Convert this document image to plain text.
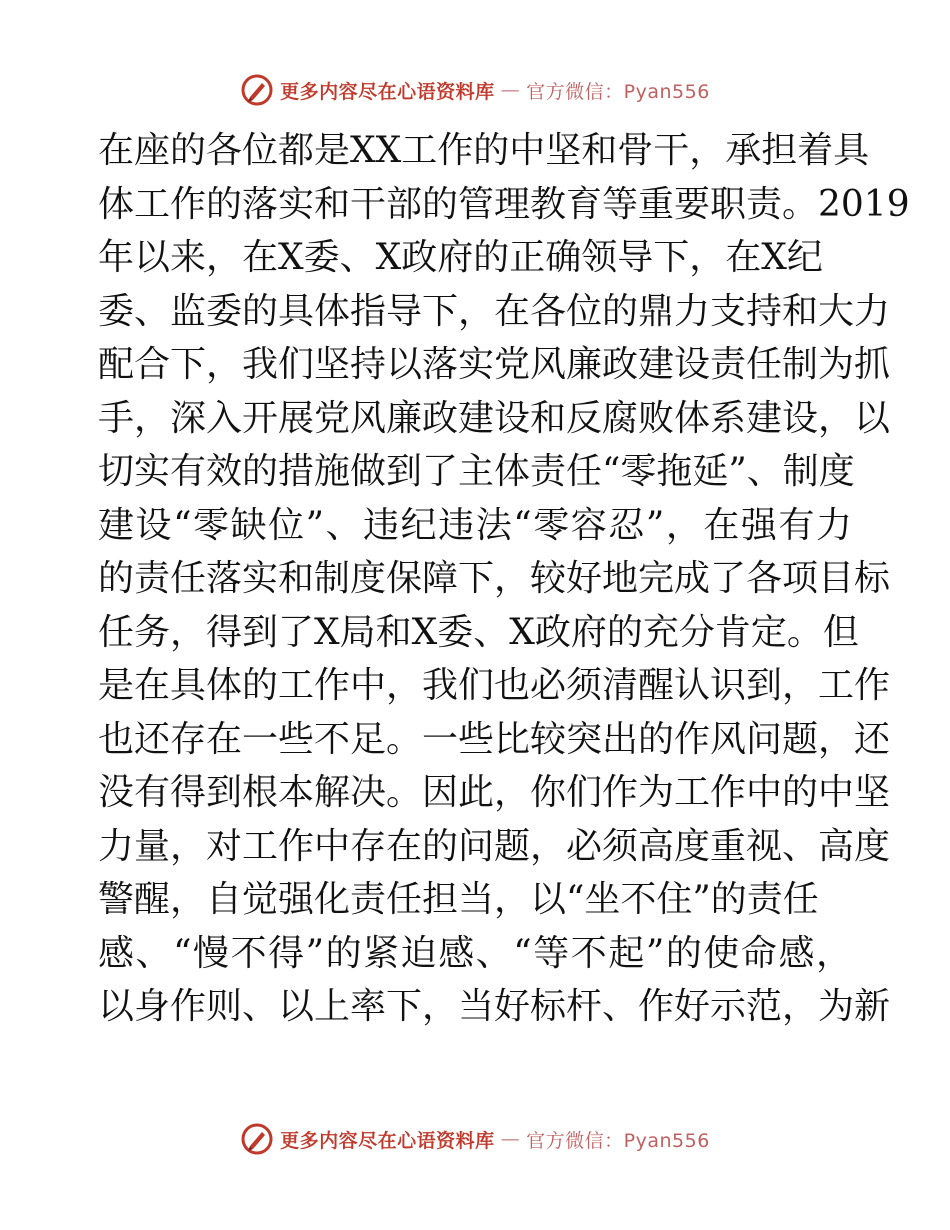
更多内容尽在心语资料库 — 官方微信：Pyan556
在座的各位都是XX工作的中坚和骨干，承担着具
体工作的落实和干部的管理教育等重要职责。2019
年以来，在X委、X政府的正确领导下，在X纪
委、监委的具体指导下，在各位的鼎力支持和大力
配合下，我们坚持以落实党风廉政建设责任制为抓
手，深入开展党风廉政建设和反腐败体系建设，以
切实有效的措施做到了主体责任“零拖延”、制度
建设“零缺位”、违纪违法“零容忍”，在强有力
的责任落实和制度保障下，较好地完成了各项目标
任务，得到了X局和X委、X政府的充分肯定。但
是在具体的工作中，我们也必须清醒认识到，工作
也还存在一些不足。一些比较突出的作风问题，还
没有得到根本解决。因此，你们作为工作中的中坚
力量，对工作中存在的问题，必须高度重视、高度
警醒，自觉强化责任担当，以“坐不住”的责任
感、“慢不得”的紧迫感、“等不起”的使命感，
以身作则、以上率下，当好标杆、作好示范，为新
更多内容尽在心语资料库 — 官方微信：Pyan556
